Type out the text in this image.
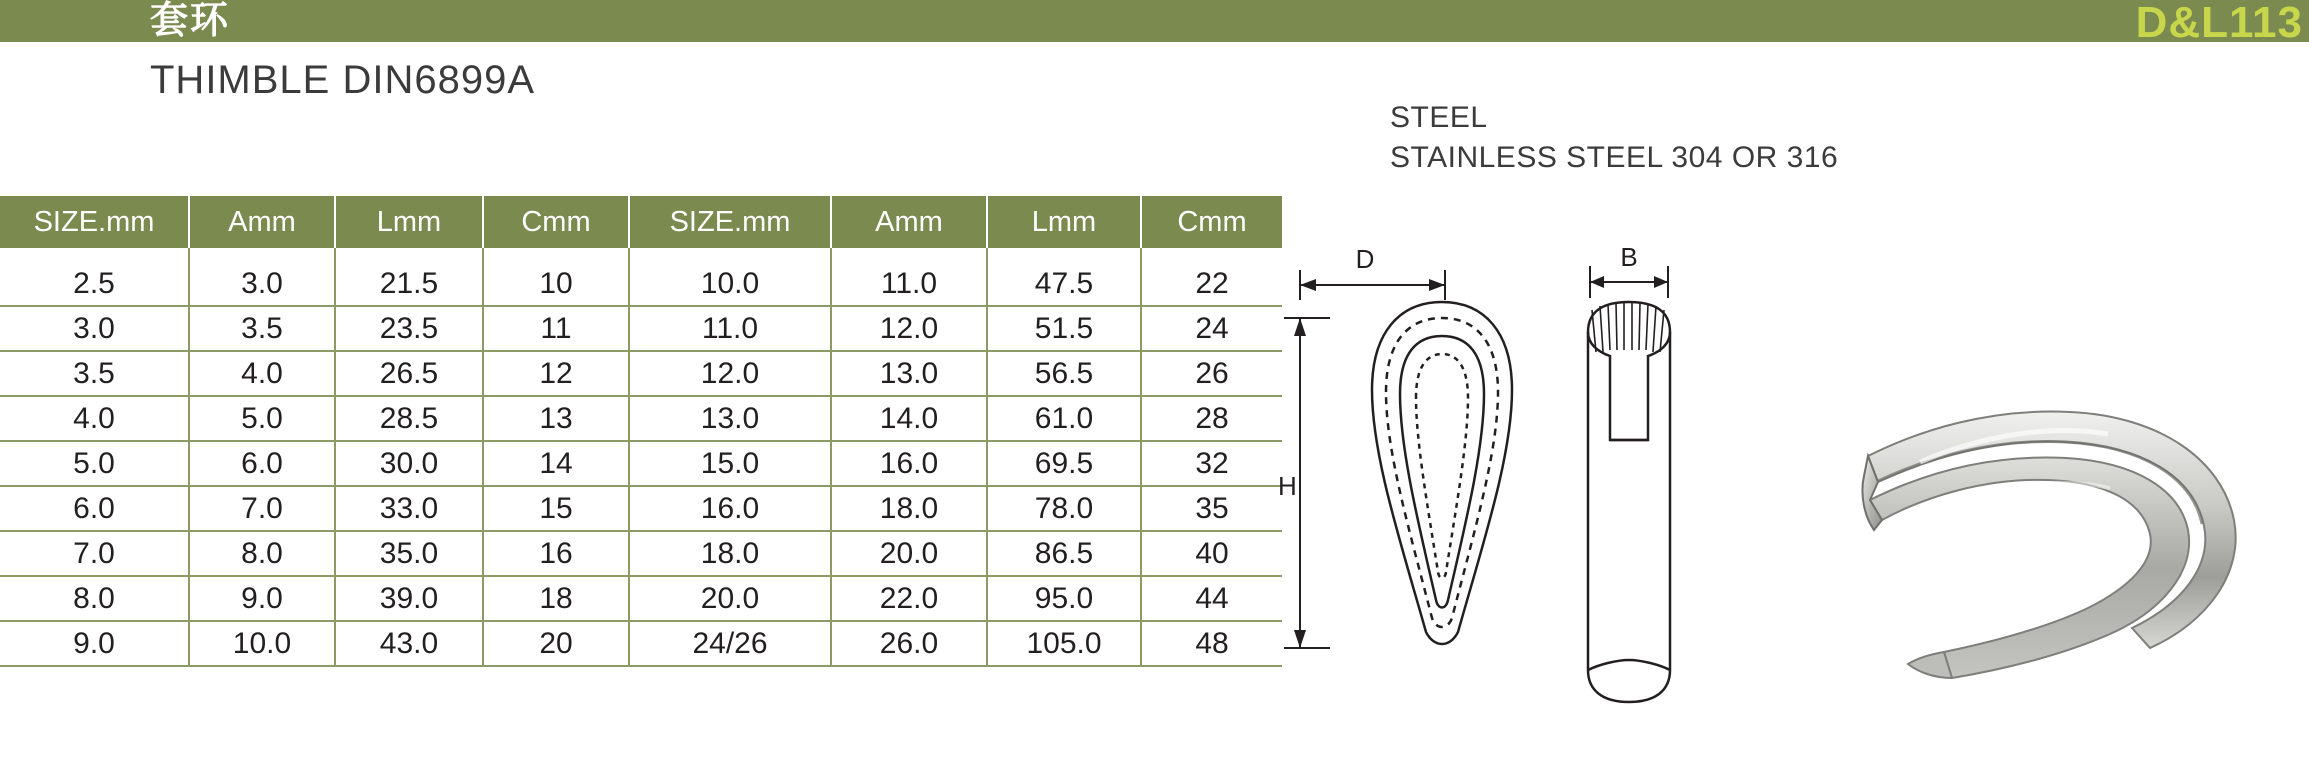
套环	D&L113
THIMBLE DIN6899A
STEEL
STAINLESS STEEL 304 OR 316
SIZE.mm	Amm	Lmm	Cmm	SIZE.mm	Amm	Lmm	Cmm
2.5	3.0	21.5	10	10.0	11.0	47.5	22
3.0	3.5	23.5	11	11.0	12.0	51.5	24
3.5	4.0	26.5	12	12.0	13.0	56.5	26
4.0	5.0	28.5	13	13.0	14.0	61.0	28
5.0	6.0	30.0	14	15.0	16.0	69.5	32
6.0	7.0	33.0	15	16.0	18.0	78.0	35
7.0	8.0	35.0	16	18.0	20.0	86.5	40
8.0	9.0	39.0	18	20.0	22.0	95.0	44
9.0	10.0	43.0	20	24/26	26.0	105.0	48
D
H
B
